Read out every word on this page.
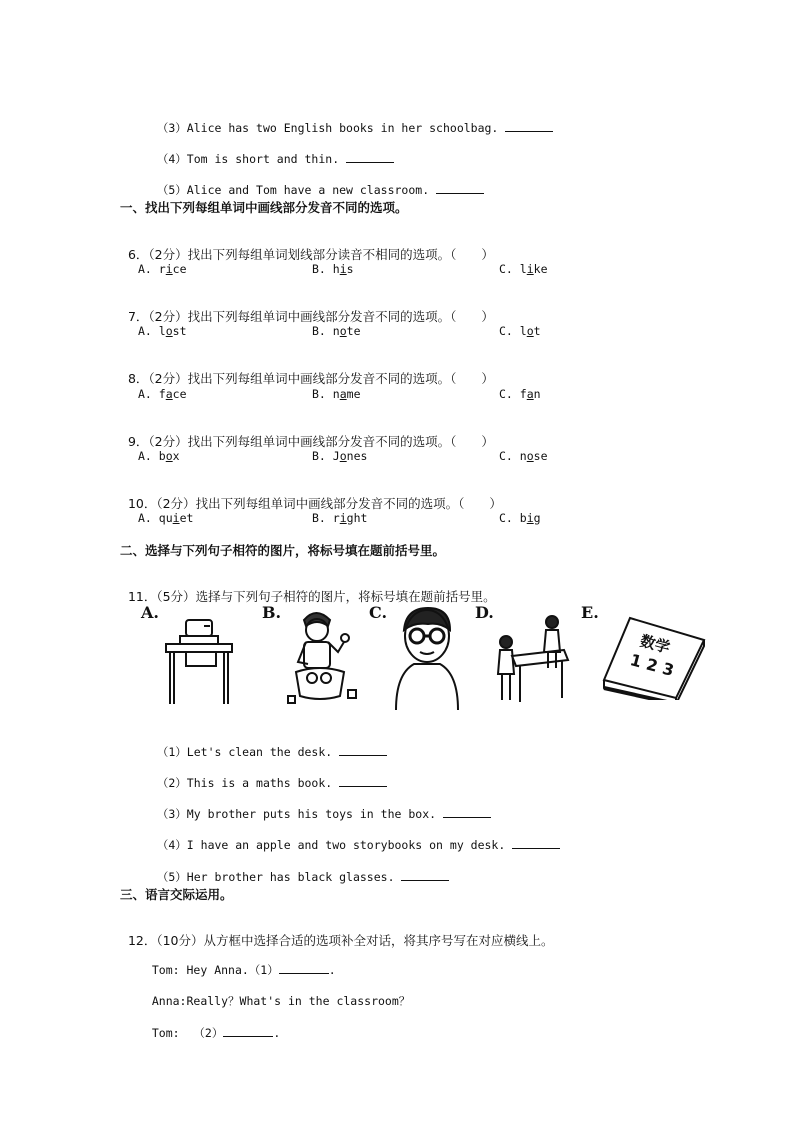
（3）Alice has two English books in her schoolbag.

（4）Tom is short and thin.

（5）Alice and Tom have a new classroom.

一、找出下列每组单词中画线部分发音不同的选项。

6．（2分）找出下列每组单词划线部分读音不相同的选项。（　　）

A. rice	B. his	C. like

7．（2分）找出下列每组单词中画线部分发音不同的选项。（　　）

A. lost	B. note	C. lot

8．（2分）找出下列每组单词中画线部分发音不同的选项。（　　）

A. face	B. name	C. fan

9．（2分）找出下列每组单词中画线部分发音不同的选项。（　　）

A. box	B. Jones	C. nose

10．（2分）找出下列每组单词中画线部分发音不同的选项。（　　）

A. quiet	B. right	C. big
二、选择与下列句子相符的图片，将标号填在题前括号里。

11．（5分）选择与下列句子相符的图片，将标号填在题前括号里。

A.	B.	C.	D.	E.
数学
1 2 3

（1）Let's clean the desk.

（2）This is a maths book.

（3）My brother puts his toys in the box.

（4）I have an apple and two storybooks on my desk.

（5）Her brother has black glasses.

三、语言交际运用。

12．（10分）从方框中选择合适的选项补全对话，将其序号写在对应横线上。

Tom: Hey Anna.（1）	.

Anna:Really？What's in the classroom？

Tom:  （2）	.
